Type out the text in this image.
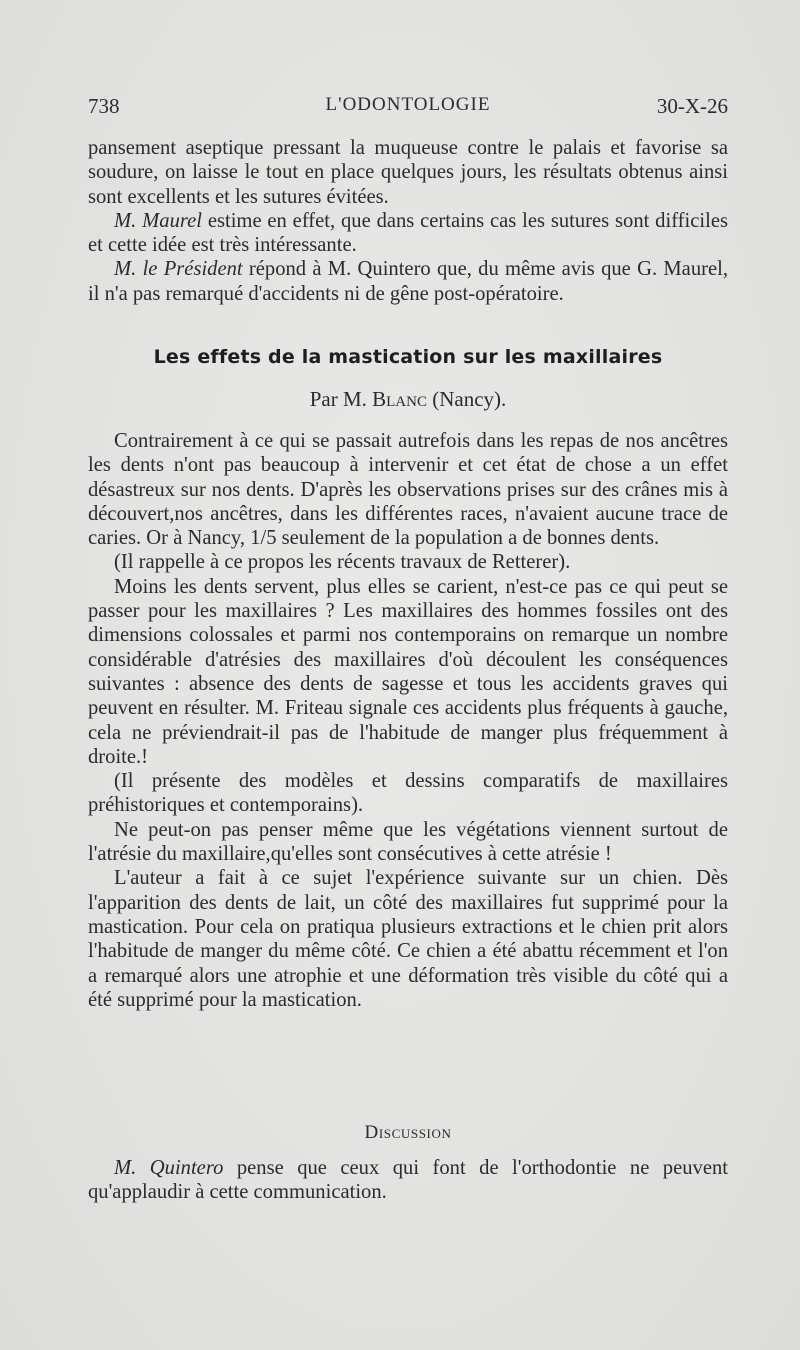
738	L'ODONTOLOGIE	30-X-26

pansement aseptique pressant la muqueuse contre le palais et favorise sa soudure, on laisse le tout en place quelques jours, les résultats obtenus ainsi sont excellents et les sutures évitées.

M. Maurel estime en effet, que dans certains cas les sutures sont difficiles et cette idée est très intéressante.

M. le Président répond à M. Quintero que, du même avis que G. Maurel, il n'a pas remarqué d'accidents ni de gêne post-opératoire.

Les effets de la mastication sur les maxillaires
Par M. Blanc (Nancy).

Contrairement à ce qui se passait autrefois dans les repas de nos ancêtres les dents n'ont pas beaucoup à intervenir et cet état de chose a un effet désastreux sur nos dents. D'après les observations prises sur des crânes mis à découvert,nos ancêtres, dans les différentes races, n'avaient aucune trace de caries. Or à Nancy, 1/5 seulement de la population a de bonnes dents.

(Il rappelle à ce propos les récents travaux de Retterer).

Moins les dents servent, plus elles se carient, n'est-ce pas ce qui peut se passer pour les maxillaires ? Les maxillaires des hommes fossiles ont des dimensions colossales et parmi nos contemporains on remarque un nombre considérable d'atrésies des maxillaires d'où découlent les conséquences suivantes : absence des dents de sagesse et tous les accidents graves qui peuvent en résulter. M. Friteau signale ces accidents plus fréquents à gauche, cela ne préviendrait-il pas de l'habitude de manger plus fréquemment à droite.!

(Il présente des modèles et dessins comparatifs de maxillaires préhistoriques et contemporains).

Ne peut-on pas penser même que les végétations viennent surtout de l'atrésie du maxillaire,qu'elles sont consécutives à cette atrésie !

L'auteur a fait à ce sujet l'expérience suivante sur un chien. Dès l'apparition des dents de lait, un côté des maxillaires fut supprimé pour la mastication. Pour cela on pratiqua plusieurs extractions et le chien prit alors l'habitude de manger du même côté. Ce chien a été abattu récemment et l'on a remarqué alors une atrophie et une déformation très visible du côté qui a été supprimé pour la mastication.

Discussion

M. Quintero pense que ceux qui font de l'orthodontie ne peuvent qu'applaudir à cette communication.
